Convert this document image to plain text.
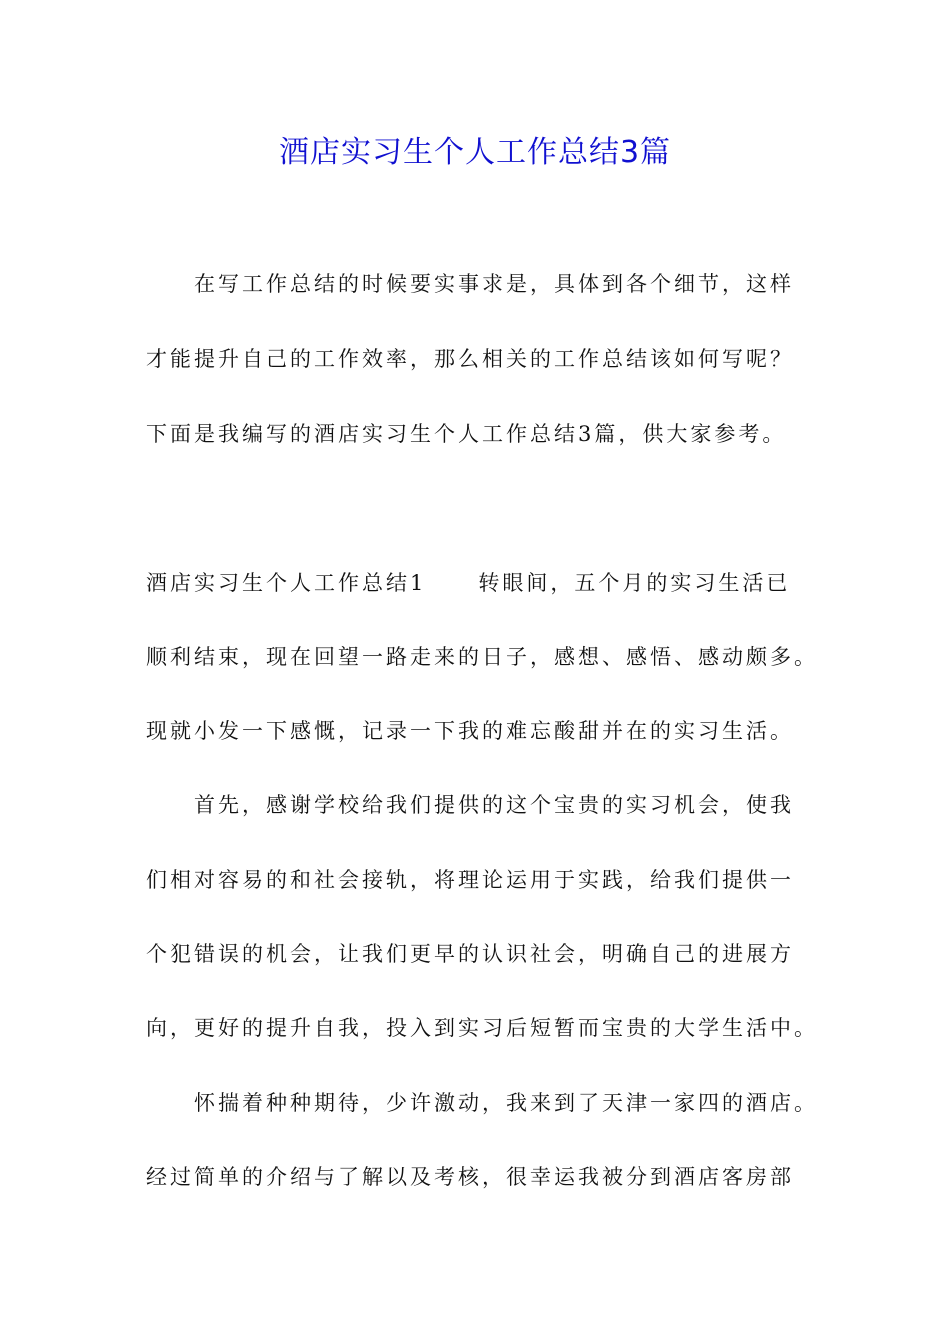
酒店实习生个人工作总结3篇

在写工作总结的时候要实事求是，具体到各个细节，这样

才能提升自己的工作效率，那么相关的工作总结该如何写呢？

下面是我编写的酒店实习生个人工作总结3篇，供大家参考。

酒店实习生个人工作总结1 转眼间，五个月的实习生活已

顺利结束，现在回望一路走来的日子，感想、感悟、感动颇多。

现就小发一下感慨，记录一下我的难忘酸甜并在的实习生活。

首先，感谢学校给我们提供的这个宝贵的实习机会，使我

们相对容易的和社会接轨，将理论运用于实践，给我们提供一

个犯错误的机会，让我们更早的认识社会，明确自己的进展方

向，更好的提升自我，投入到实习后短暂而宝贵的大学生活中。

怀揣着种种期待，少许激动，我来到了天津一家四的酒店。

经过简单的介绍与了解以及考核，很幸运我被分到酒店客房部
